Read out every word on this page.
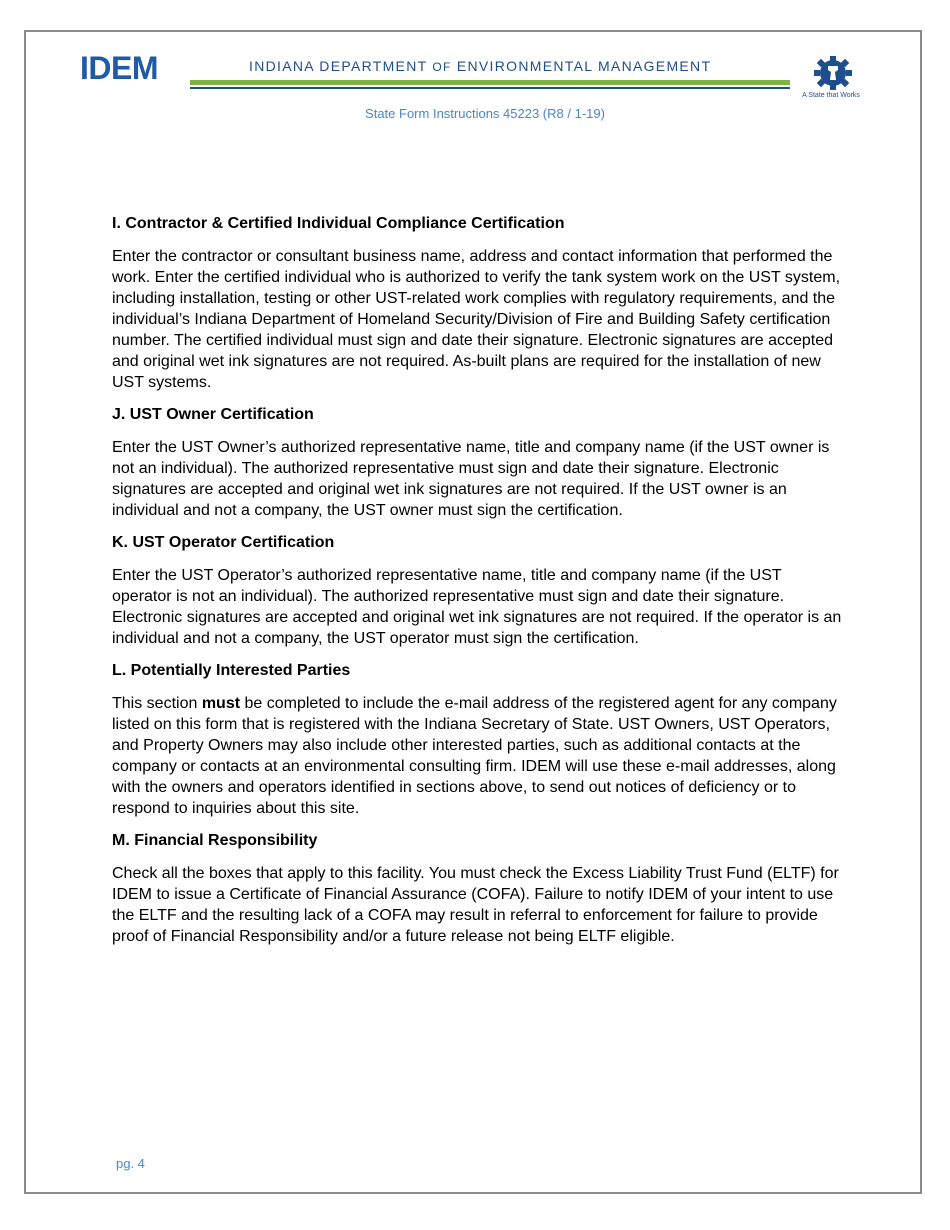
IDEM	INDIANA DEPARTMENT OF ENVIRONMENTAL MANAGEMENT
A State that Works
State Form Instructions 45223 (R8 / 1-19)
I. Contractor & Certified Individual Compliance Certification

Enter the contractor or consultant business name, address and contact information that performed the work. Enter the certified individual who is authorized to verify the tank system work on the UST system, including installation, testing or other UST-related work complies with regulatory requirements, and the individual’s Indiana Department of Homeland Security/Division of Fire and Building Safety certification number. The certified individual must sign and date their signature. Electronic signatures are accepted and original wet ink signatures are not required. As-built plans are required for the installation of new UST systems.

J. UST Owner Certification

Enter the UST Owner’s authorized representative name, title and company name (if the UST owner is not an individual). The authorized representative must sign and date their signature. Electronic signatures are accepted and original wet ink signatures are not required. If the UST owner is an individual and not a company, the UST owner must sign the certification.

K. UST Operator Certification

Enter the UST Operator’s authorized representative name, title and company name (if the UST operator is not an individual). The authorized representative must sign and date their signature. Electronic signatures are accepted and original wet ink signatures are not required. If the operator is an individual and not a company, the UST operator must sign the certification.

L. Potentially Interested Parties

This section must be completed to include the e-mail address of the registered agent for any company listed on this form that is registered with the Indiana Secretary of State. UST Owners, UST Operators, and Property Owners may also include other interested parties, such as additional contacts at the company or contacts at an environmental consulting firm. IDEM will use these e-mail addresses, along with the owners and operators identified in sections above, to send out notices of deficiency or to respond to inquiries about this site.

M. Financial Responsibility

Check all the boxes that apply to this facility. You must check the Excess Liability Trust Fund (ELTF) for IDEM to issue a Certificate of Financial Assurance (COFA). Failure to notify IDEM of your intent to use the ELTF and the resulting lack of a COFA may result in referral to enforcement for failure to provide proof of Financial Responsibility and/or a future release not being ELTF eligible.

pg. 4
